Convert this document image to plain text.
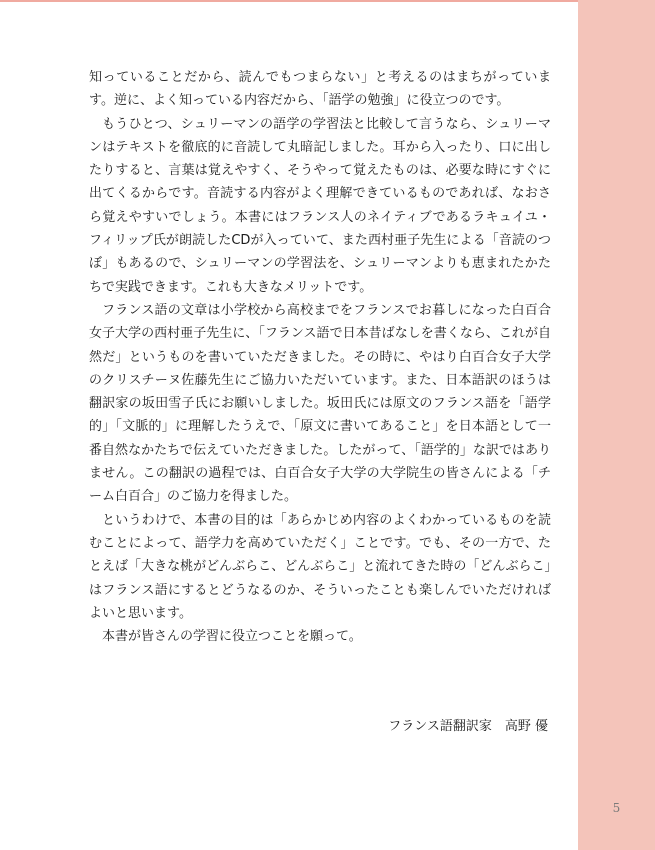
知っていることだから、読んでもつまらない」と考えるのはまちがっています。逆に、よく知っている内容だから、「語学の勉強」に役立つのです。

もうひとつ、シュリーマンの語学の学習法と比較して言うなら、シュリーマンはテキストを徹底的に音読して丸暗記しました。耳から入ったり、口に出したりすると、言葉は覚えやすく、そうやって覚えたものは、必要な時にすぐに出てくるからです。音読する内容がよく理解できているものであれば、なおさら覚えやすいでしょう。本書にはフランス人のネイティブであるラキュイユ・フィリップ氏が朗読したCDが入っていて、また西村亜子先生による「音読のつぼ」もあるので、シュリーマンの学習法を、シュリーマンよりも恵まれたかたちで実践できます。これも大きなメリットです。

フランス語の文章は小学校から高校までをフランスでお暮しになった白百合女子大学の西村亜子先生に、「フランス語で日本昔ばなしを書くなら、これが自然だ」というものを書いていただきました。その時に、やはり白百合女子大学のクリスチーヌ佐藤先生にご協力いただいています。また、日本語訳のほうは翻訳家の坂田雪子氏にお願いしました。坂田氏には原文のフランス語を「語学的」「文脈的」に理解したうえで、「原文に書いてあること」を日本語として一番自然なかたちで伝えていただきました。したがって、「語学的」な訳ではありません。この翻訳の過程では、白百合女子大学の大学院生の皆さんによる「チーム白百合」のご協力を得ました。

というわけで、本書の目的は「あらかじめ内容のよくわかっているものを読むことによって、語学力を高めていただく」ことです。でも、その一方で、たとえば「大きな桃がどんぶらこ、どんぶらこ」と流れてきた時の「どんぶらこ」はフランス語にするとどうなるのか、そういったことも楽しんでいただければよいと思います。

本書が皆さんの学習に役立つことを願って。

フランス語翻訳家 高野 優
5
